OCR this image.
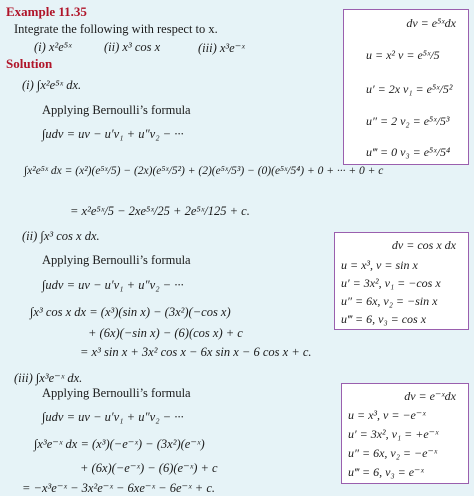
Example 11.35
Integrate the following with respect to x.
(i) x²e⁵ˣ	(ii) x³ cos x	(iii) x³e⁻ˣ
Solution
(i) ∫x²e⁵ˣ dx.
Applying Bernoulli’s formula
∫udv = uv − u′v₁ + u″v₂ − ···
∫x²e⁵ˣ dx = (x²)(e⁵ˣ/5) − (2x)(e⁵ˣ/5²) + (2)(e⁵ˣ/5³) − (0)(e⁵ˣ/5⁴) + 0 + ··· + 0 + c
= x²e⁵ˣ/5 − 2xe⁵ˣ/25 + 2e⁵ˣ/125 + c.
dv = e⁵ˣdx
u = x² v = e⁵ˣ/5
u′ = 2x v₁ = e⁵ˣ/5²
u″ = 2 v₂ = e⁵ˣ/5³
u‴ = 0 v₃ = e⁵ˣ/5⁴
(ii) ∫x³ cos x dx.
Applying Bernoulli’s formula
∫udv = uv − u′v₁ + u″v₂ − ···
∫x³ cos x dx = (x³)(sin x) − (3x²)(−cos x)
+ (6x)(−sin x) − (6)(cos x) + c
= x³ sin x + 3x² cos x − 6x sin x − 6 cos x + c.
dv = cos x dx
u = x³, v = sin x
u′ = 3x², v₁ = −cos x
u″ = 6x, v₂ = −sin x
u‴ = 6, v₃ = cos x
(iii) ∫x³e⁻ˣ dx.
Applying Bernoulli’s formula
∫udv = uv − u′v₁ + u″v₂ − ···
∫x³e⁻ˣ dx = (x³)(−e⁻ˣ) − (3x²)(e⁻ˣ)
+ (6x)(−e⁻ˣ) − (6)(e⁻ˣ) + c
= −x³e⁻ˣ − 3x²e⁻ˣ − 6xe⁻ˣ − 6e⁻ˣ + c.
dv = e⁻ˣdx
u = x³, v = −e⁻ˣ
u′ = 3x², v₁ = +e⁻ˣ
u″ = 6x, v₂ = −e⁻ˣ
u‴ = 6, v₃ = e⁻ˣ
